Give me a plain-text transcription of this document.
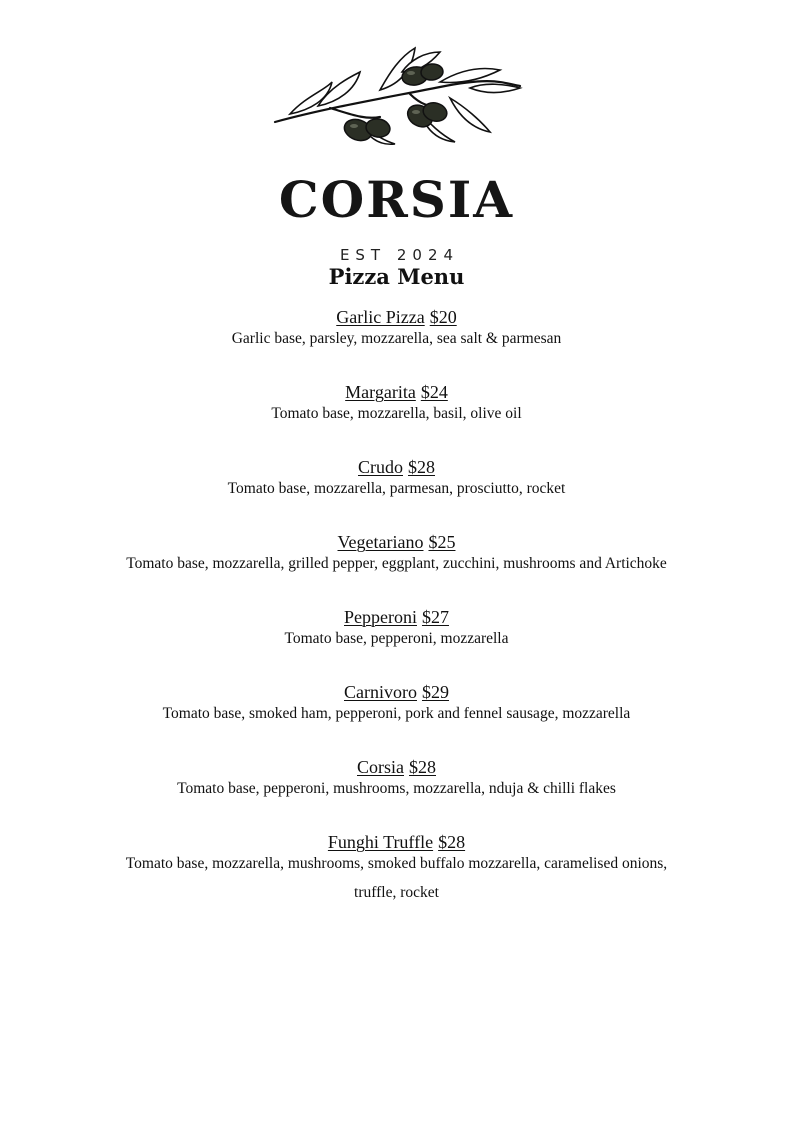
CORSIA
EST 2024
Pizza Menu
Garlic Pizza $20
Garlic base, parsley, mozzarella, sea salt & parmesan
Margarita $24
Tomato base, mozzarella, basil, olive oil
Crudo $28
Tomato base, mozzarella, parmesan, prosciutto, rocket
Vegetariano $25
Tomato base, mozzarella, grilled pepper, eggplant, zucchini, mushrooms and Artichoke
Pepperoni $27
Tomato base, pepperoni, mozzarella
Carnivoro $29
Tomato base, smoked ham, pepperoni, pork and fennel sausage, mozzarella
Corsia $28
Tomato base, pepperoni, mushrooms, mozzarella, nduja & chilli flakes
Funghi Truffle $28
Tomato base, mozzarella, mushrooms, smoked buffalo mozzarella, caramelised onions, truffle, rocket
